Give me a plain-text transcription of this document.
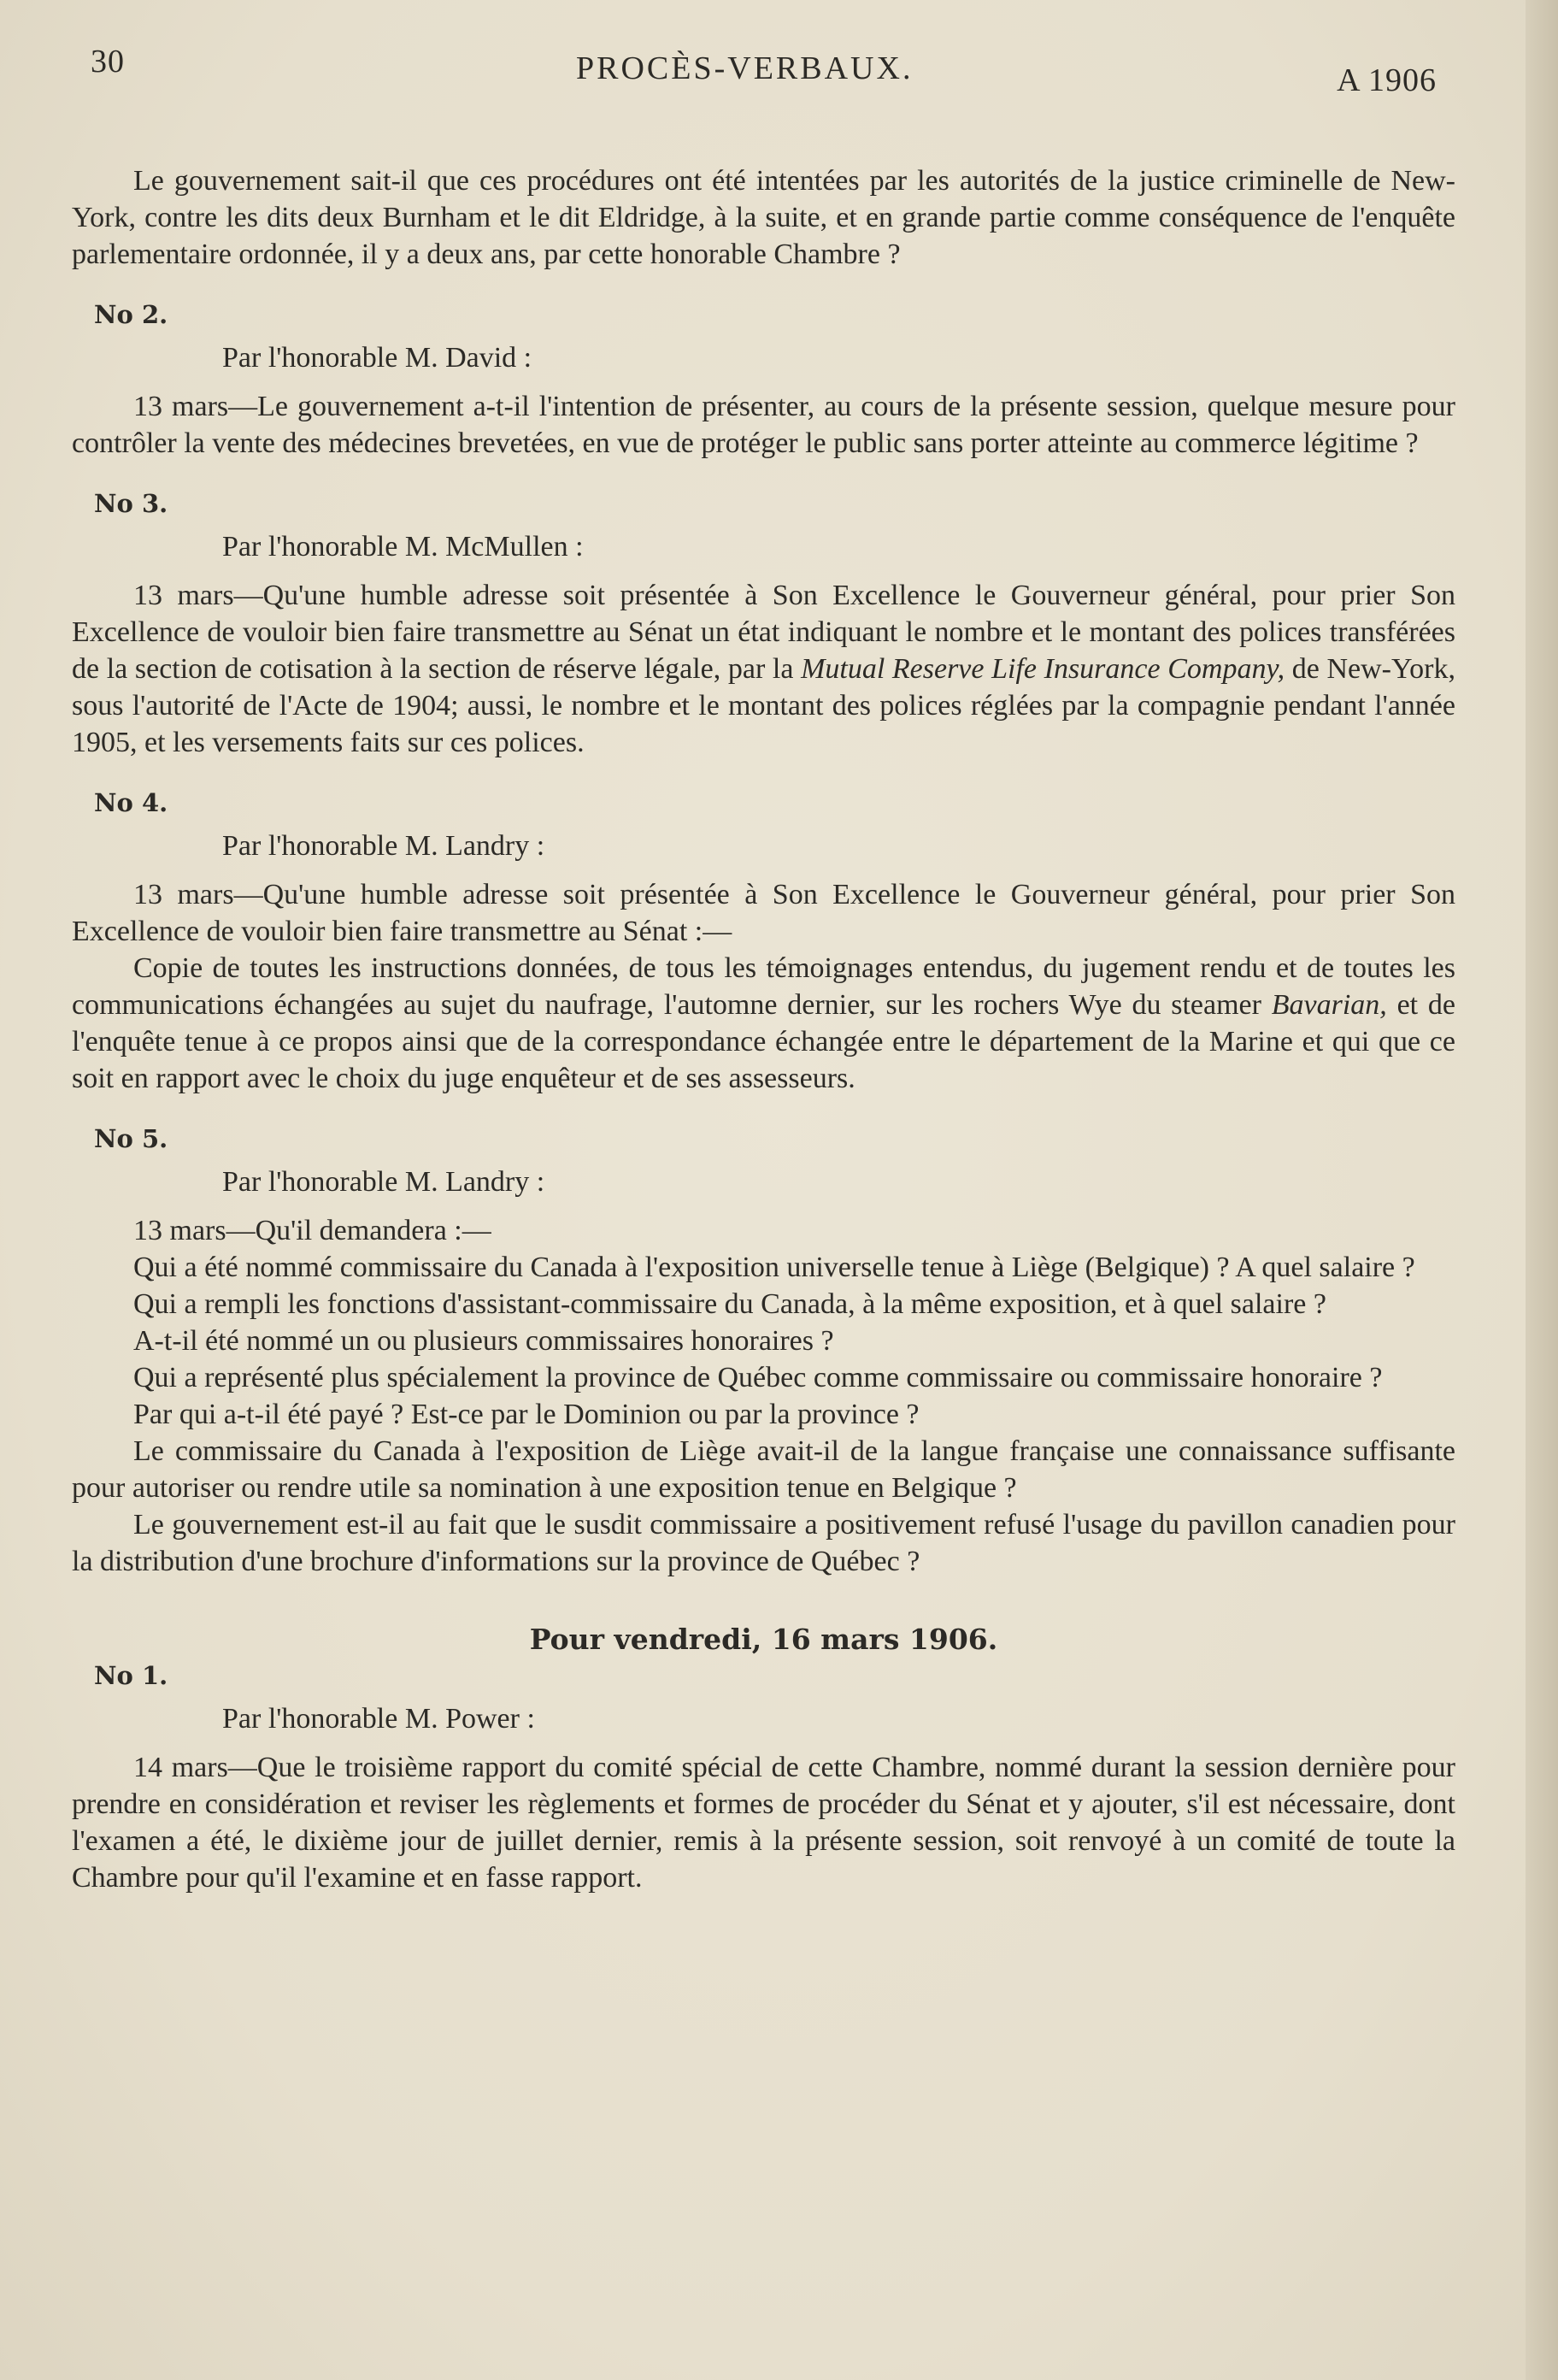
30	PROCÈS-VERBAUX.	A 1906

Le gouvernement sait-il que ces procédures ont été intentées par les autorités de la justice criminelle de New-York, contre les dits deux Burnham et le dit Eldridge, à la suite, et en grande partie comme conséquence de l'enquête parlementaire ordonnée, il y a deux ans, par cette honorable Chambre ?

No 2.
Par l'honorable M. David :

13 mars—Le gouvernement a-t-il l'intention de présenter, au cours de la présente session, quelque mesure pour contrôler la vente des médecines brevetées, en vue de protéger le public sans porter atteinte au commerce légitime ?

No 3.
Par l'honorable M. McMullen :

13 mars—Qu'une humble adresse soit présentée à Son Excellence le Gouverneur général, pour prier Son Excellence de vouloir bien faire transmettre au Sénat un état indiquant le nombre et le montant des polices transférées de la section de cotisation à la section de réserve légale, par la Mutual Reserve Life Insurance Company, de New-York, sous l'autorité de l'Acte de 1904; aussi, le nombre et le montant des polices réglées par la compagnie pendant l'année 1905, et les versements faits sur ces polices.

No 4.
Par l'honorable M. Landry :

13 mars—Qu'une humble adresse soit présentée à Son Excellence le Gouverneur général, pour prier Son Excellence de vouloir bien faire transmettre au Sénat :—

Copie de toutes les instructions données, de tous les témoignages entendus, du jugement rendu et de toutes les communications échangées au sujet du naufrage, l'automne dernier, sur les rochers Wye du steamer Bavarian, et de l'enquête tenue à ce propos ainsi que de la correspondance échangée entre le département de la Marine et qui que ce soit en rapport avec le choix du juge enquêteur et de ses assesseurs.

No 5.
Par l'honorable M. Landry :

13 mars—Qu'il demandera :—

Qui a été nommé commissaire du Canada à l'exposition universelle tenue à Liège (Belgique) ? A quel salaire ?

Qui a rempli les fonctions d'assistant-commissaire du Canada, à la même exposition, et à quel salaire ?

A-t-il été nommé un ou plusieurs commissaires honoraires ?

Qui a représenté plus spécialement la province de Québec comme commissaire ou commissaire honoraire ?

Par qui a-t-il été payé ? Est-ce par le Dominion ou par la province ?

Le commissaire du Canada à l'exposition de Liège avait-il de la langue française une connaissance suffisante pour autoriser ou rendre utile sa nomination à une exposition tenue en Belgique ?

Le gouvernement est-il au fait que le susdit commissaire a positivement refusé l'usage du pavillon canadien pour la distribution d'une brochure d'informations sur la province de Québec ?

Pour vendredi, 16 mars 1906.
No 1.
Par l'honorable M. Power :

14 mars—Que le troisième rapport du comité spécial de cette Chambre, nommé durant la session dernière pour prendre en considération et reviser les règlements et formes de procéder du Sénat et y ajouter, s'il est nécessaire, dont l'examen a été, le dixième jour de juillet dernier, remis à la présente session, soit renvoyé à un comité de toute la Chambre pour qu'il l'examine et en fasse rapport.
